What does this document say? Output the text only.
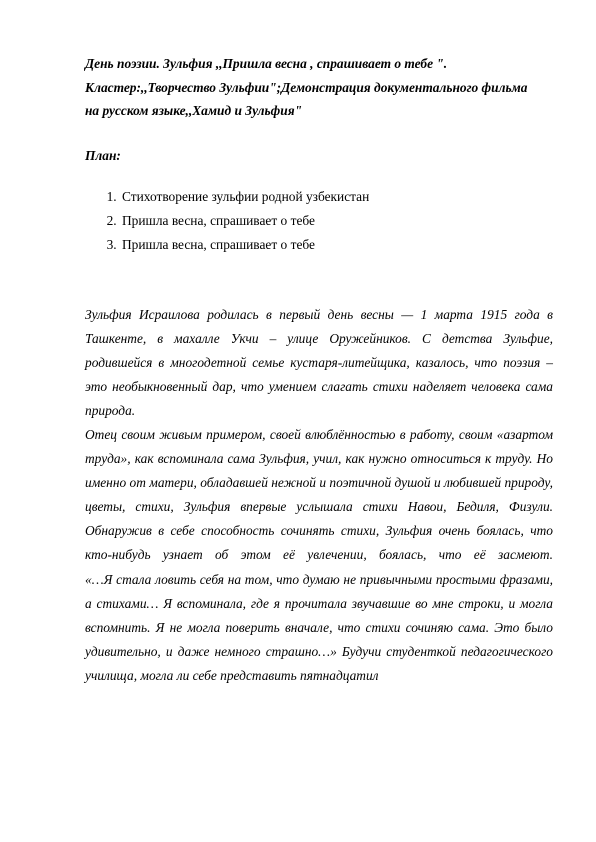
День поэзии. Зульфия ,,Пришла весна , спрашивает о тебе ".
Кластер:,,Творчество Зульфии";Демонстрация документального фильма
на русском языке,,Хамид и Зульфия"

План:
1. Стихотворение зульфии родной узбекистан
2. Пришла весна, спрашивает о тебе
3. Пришла весна, спрашивает о тебе

Зульфия Исраилова родилась в первый день весны — 1 марта 1915 года в Ташкенте, в махалле Укчи – улице Оружейников. С детства Зульфие, родившейся в многодетной семье кустаря-литейщика, казалось, что поэзия – это необыкновенный дар, что умением слагать стихи наделяет человека сама природа.

Отец своим живым примером, своей влюблённостью в работу, своим «азартом труда», как вспоминала сама Зульфия, учил, как нужно относиться к труду. Но именно от матери, обладавшей нежной и поэтичной душой и любившей природу, цветы, стихи, Зульфия впервые услышала стихи Навои, Бедиля, Физули. Обнаружив в себе способность сочинять стихи, Зульфия очень боялась, что кто-нибудь узнает об этом её увлечении, боялась, что её засмеют.

«…Я стала ловить себя на том, что думаю не привычными простыми фразами, а стихами… Я вспоминала, где я прочитала звучавшие во мне строки, и могла вспомнить. Я не могла поверить вначале, что стихи сочиняю сама. Это было удивительно, и даже немного страшно…» Будучи студенткой педагогического училища, могла ли себе представить пятнадцатил
